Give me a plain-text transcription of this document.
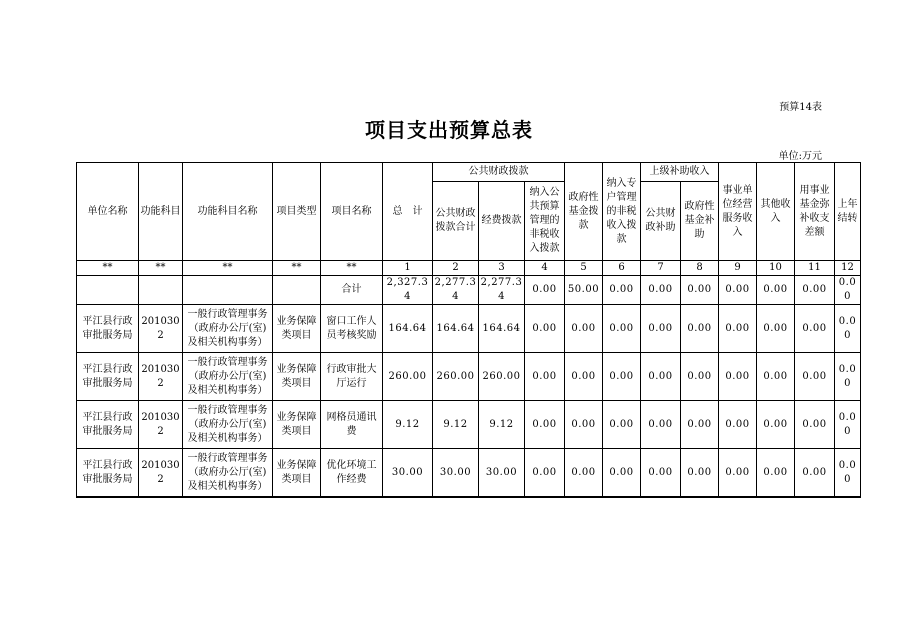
预算14表
项目支出预算总表
单位:万元
单位名称	功能科目	功能科目名称	项目类型	项目名称	总　计	公共财政拨款			政府性基金拨款	纳入专户管理的非税收入拨款	上级补助收入		事业单位经营服务收入	其他收入	用事业基金弥补收支差额	上年结转
						公共财政拨款合计	经费拨款	纳入公共预算管理的非税收入拨款			公共财政补助	政府性基金补助				
**	**	**	**	**	1	2	3	4	5	6	7	8	9	10	11	12
				合计	2,327.34	2,277.34	2,277.34	0.00	50.00	0.00	0.00	0.00	0.00	0.00	0.00	0.00
平江县行政审批服务局	2010302	一般行政管理事务（政府办公厅(室)及相关机构事务）	业务保障类项目	窗口工作人员考核奖励	164.64	164.64	164.64	0.00	0.00	0.00	0.00	0.00	0.00	0.00	0.00	0.00
平江县行政审批服务局	2010302	一般行政管理事务（政府办公厅(室)及相关机构事务）	业务保障类项目	行政审批大厅运行	260.00	260.00	260.00	0.00	0.00	0.00	0.00	0.00	0.00	0.00	0.00	0.00
平江县行政审批服务局	2010302	一般行政管理事务（政府办公厅(室)及相关机构事务）	业务保障类项目	网格员通讯费	9.12	9.12	9.12	0.00	0.00	0.00	0.00	0.00	0.00	0.00	0.00	0.00
平江县行政审批服务局	2010302	一般行政管理事务（政府办公厅(室)及相关机构事务）	业务保障类项目	优化环境工作经费	30.00	30.00	30.00	0.00	0.00	0.00	0.00	0.00	0.00	0.00	0.00	0.00
